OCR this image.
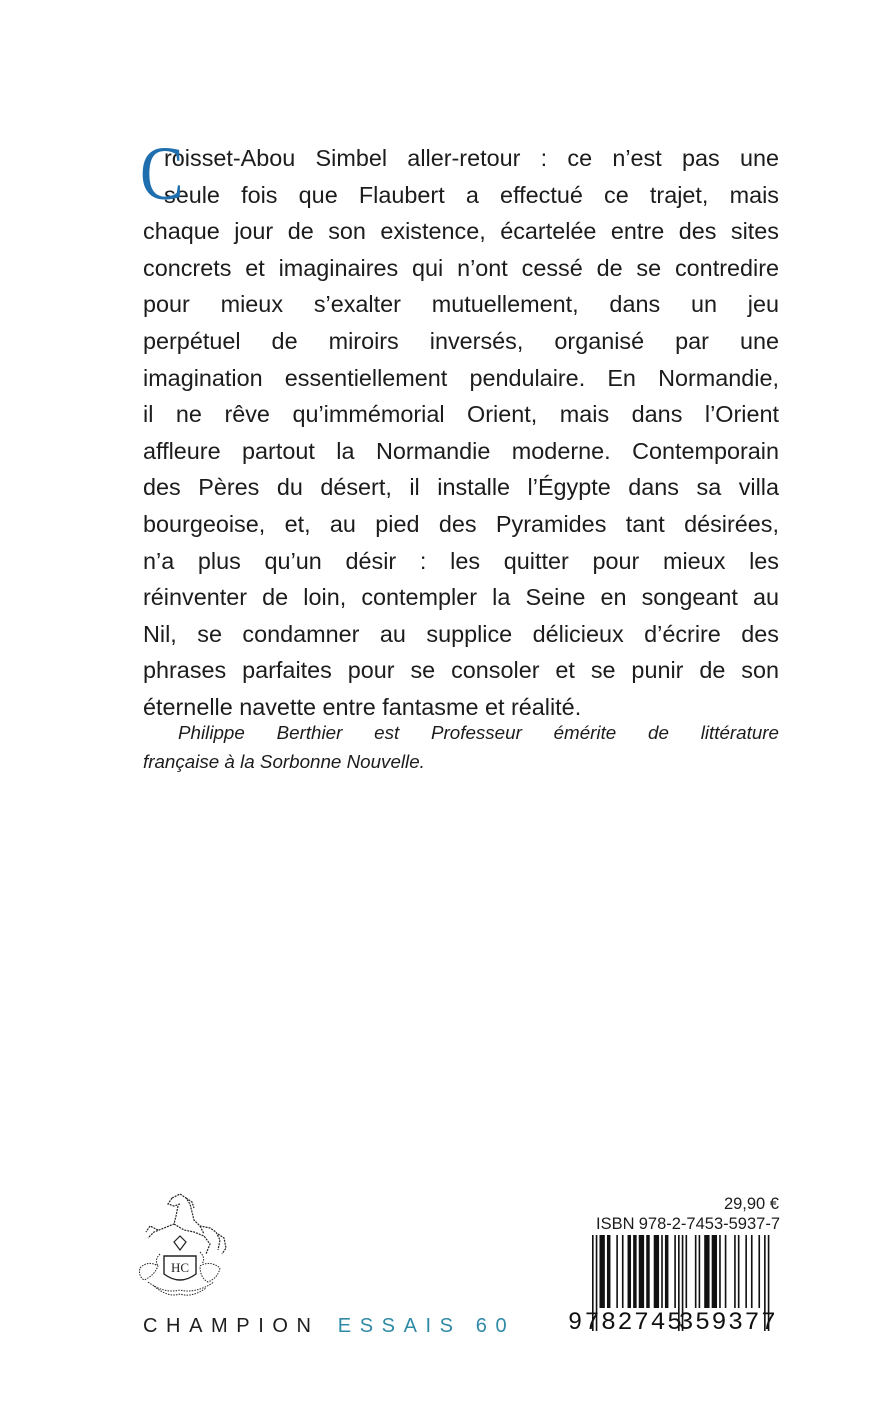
C
roisset-Abou Simbel aller-retour : ce n’est pas une
seule fois que Flaubert a effectué ce trajet, mais
chaque jour de son existence, écartelée entre des sites
concrets et imaginaires qui n’ont cessé de se contredire
pour mieux s’exalter mutuellement, dans un jeu
perpétuel de miroirs inversés, organisé par une
imagination essentiellement pendulaire. En Normandie,
il ne rêve qu’immémorial Orient, mais dans l’Orient
affleure partout la Normandie moderne. Contemporain
des Pères du désert, il installe l’Égypte dans sa villa
bourgeoise, et, au pied des Pyramides tant désirées,
n’a plus qu’un désir : les quitter pour mieux les
réinventer de loin, contempler la Seine en songeant au
Nil, se condamner au supplice délicieux d’écrire des
phrases parfaites pour se consoler et se punir de son
éternelle navette entre fantasme et réalité.
Philippe Berthier est Professeur émérite de littérature
française à la Sorbonne Nouvelle.
HC
CHAMPION ESSAIS 60
29,90 €
ISBN 978-2-7453-5937-7
9 782745
359377
